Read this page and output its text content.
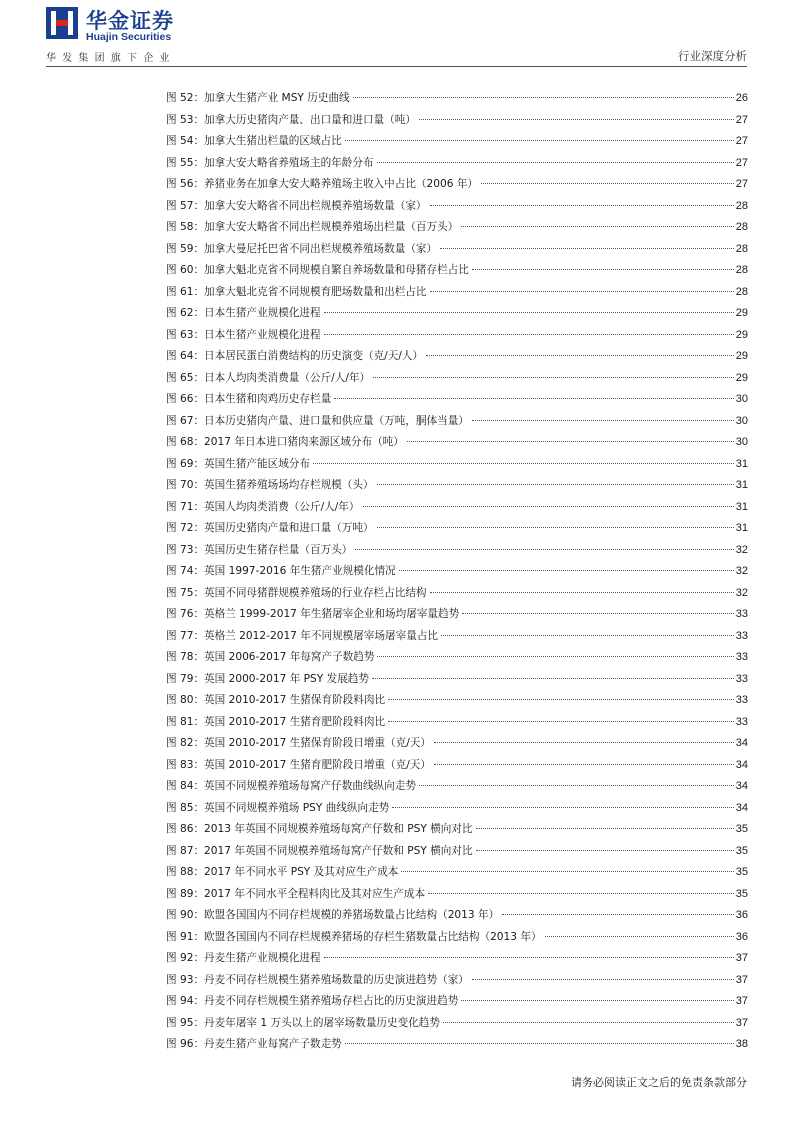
华金证券
Huajin Securities
华发集团旗下企业	行业深度分析
图 52：加拿大生猪产业 MSY 历史曲线	26
图 53：加拿大历史猪肉产量、出口量和进口量（吨）	27
图 54：加拿大生猪出栏量的区域占比	27
图 55：加拿大安大略省养殖场主的年龄分布	27
图 56：养猪业务在加拿大安大略养殖场主收入中占比（2006 年）	27
图 57：加拿大安大略省不同出栏规模养殖场数量（家）	28
图 58：加拿大安大略省不同出栏规模养殖场出栏量（百万头）	28
图 59：加拿大曼尼托巴省不同出栏规模养殖场数量（家）	28
图 60：加拿大魁北克省不同规模自繁自养场数量和母猪存栏占比	28
图 61：加拿大魁北克省不同规模育肥场数量和出栏占比	28
图 62：日本生猪产业规模化进程	29
图 63：日本生猪产业规模化进程	29
图 64：日本居民蛋白消费结构的历史演变（克/天/人）	29
图 65：日本人均肉类消费量（公斤/人/年）	29
图 66：日本生猪和肉鸡历史存栏量	30
图 67：日本历史猪肉产量、进口量和供应量（万吨，胴体当量）	30
图 68：2017 年日本进口猪肉来源区域分布（吨）	30
图 69：英国生猪产能区域分布	31
图 70：英国生猪养殖场场均存栏规模（头）	31
图 71：英国人均肉类消费（公斤/人/年）	31
图 72：英国历史猪肉产量和进口量（万吨）	31
图 73：英国历史生猪存栏量（百万头）	32
图 74：英国 1997-2016 年生猪产业规模化情况	32
图 75：英国不同母猪群规模养殖场的行业存栏占比结构	32
图 76：英格兰 1999-2017 年生猪屠宰企业和场均屠宰量趋势	33
图 77：英格兰 2012-2017 年不同规模屠宰场屠宰量占比	33
图 78：英国 2006-2017 年每窝产子数趋势	33
图 79：英国 2000-2017 年 PSY 发展趋势	33
图 80：英国 2010-2017 生猪保育阶段料肉比	33
图 81：英国 2010-2017 生猪育肥阶段料肉比	33
图 82：英国 2010-2017 生猪保育阶段日增重（克/天）	34
图 83：英国 2010-2017 生猪育肥阶段日增重（克/天）	34
图 84：英国不同规模养殖场每窝产仔数曲线纵向走势	34
图 85：英国不同规模养殖场 PSY 曲线纵向走势	34
图 86：2013 年英国不同规模养殖场每窝产仔数和 PSY 横向对比	35
图 87：2017 年英国不同规模养殖场每窝产仔数和 PSY 横向对比	35
图 88：2017 年不同水平 PSY 及其对应生产成本	35
图 89：2017 年不同水平全程料肉比及其对应生产成本	35
图 90：欧盟各国国内不同存栏规模的养猪场数量占比结构（2013 年）	36
图 91：欧盟各国国内不同存栏规模养猪场的存栏生猪数量占比结构（2013 年）	36
图 92：丹麦生猪产业规模化进程	37
图 93：丹麦不同存栏规模生猪养殖场数量的历史演进趋势（家）	37
图 94：丹麦不同存栏规模生猪养殖场存栏占比的历史演进趋势	37
图 95：丹麦年屠宰 1 万头以上的屠宰场数量历史变化趋势	37
图 96：丹麦生猪产业每窝产子数走势	38
请务必阅读正文之后的免责条款部分
